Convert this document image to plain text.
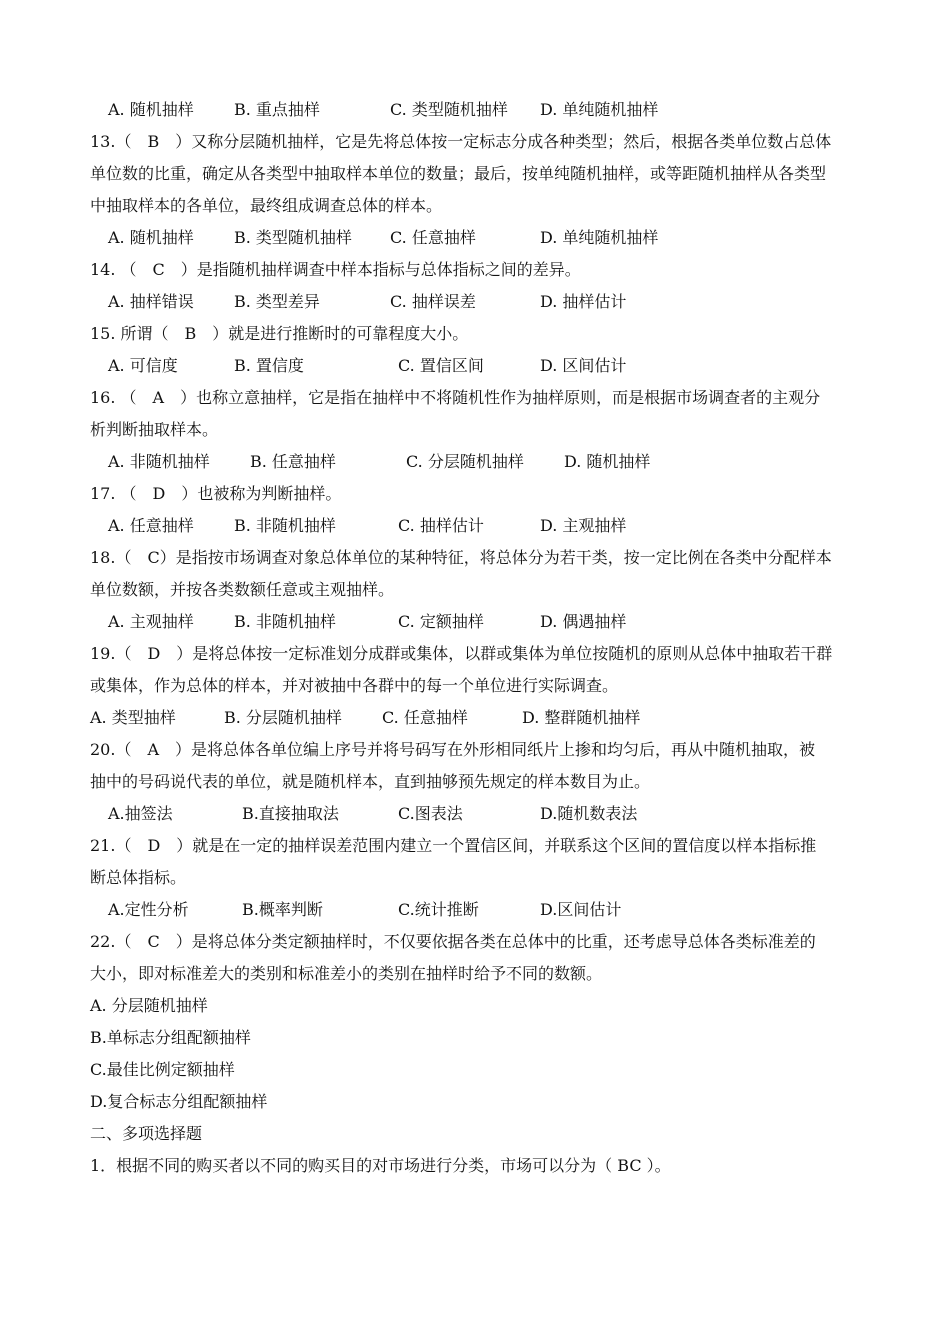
A. 随机抽样	B. 重点抽样	C. 类型随机抽样 D. 单纯随机抽样
13.（　B　）又称分层随机抽样，它是先将总体按一定标志分成各种类型；然后，根据各类单位数占总体
单位数的比重，确定从各类型中抽取样本单位的数量；最后，按单纯随机抽样，或等距随机抽样从各类型
中抽取样本的各单位，最终组成调查总体的样本。
A. 随机抽样	B. 类型随机抽样 C. 任意抽样	D. 单纯随机抽样
14. （　C　）是指随机抽样调查中样本指标与总体指标之间的差异。
A. 抽样错误	B. 类型差异	C. 抽样误差	D. 抽样估计
15. 所谓（　B　）就是进行推断时的可靠程度大小。
A. 可信度	B. 置信度	C. 置信区间	D. 区间估计
16. （　A　）也称立意抽样，它是指在抽样中不将随机性作为抽样原则，而是根据市场调查者的主观分
析判断抽取样本。
A. 非随机抽样	B. 任意抽样	C. 分层随机抽样	D. 随机抽样
17. （　D　）也被称为判断抽样。
A. 任意抽样	B. 非随机抽样	C. 抽样估计	D. 主观抽样
18.（　C）是指按市场调查对象总体单位的某种特征，将总体分为若干类，按一定比例在各类中分配样本
单位数额，并按各类数额任意或主观抽样。
A. 主观抽样	B. 非随机抽样	C. 定额抽样	D. 偶遇抽样
19.（　D　）是将总体按一定标准划分成群或集体，以群或集体为单位按随机的原则从总体中抽取若干群
或集体，作为总体的样本，并对被抽中各群中的每一个单位进行实际调查。
A. 类型抽样	B. 分层随机抽样	C. 任意抽样	D. 整群随机抽样
20.（　A　）是将总体各单位编上序号并将号码写在外形相同纸片上掺和均匀后，再从中随机抽取，被
抽中的号码说代表的单位，就是随机样本，直到抽够预先规定的样本数目为止。
A.抽签法	B.直接抽取法	C.图表法	D.随机数表法
21.（　D　）就是在一定的抽样误差范围内建立一个置信区间，并联系这个区间的置信度以样本指标推
断总体指标。
A.定性分析	B.概率判断	C.统计推断	D.区间估计
22.（　C　）是将总体分类定额抽样时，不仅要依据各类在总体中的比重，还考虑导总体各类标准差的
大小，即对标准差大的类别和标准差小的类别在抽样时给予不同的数额。
A. 分层随机抽样
B.单标志分组配额抽样
C.最佳比例定额抽样
D.复合标志分组配额抽样
二、多项选择题
1．根据不同的购买者以不同的购买目的对市场进行分类，市场可以分为（ BC ）。
